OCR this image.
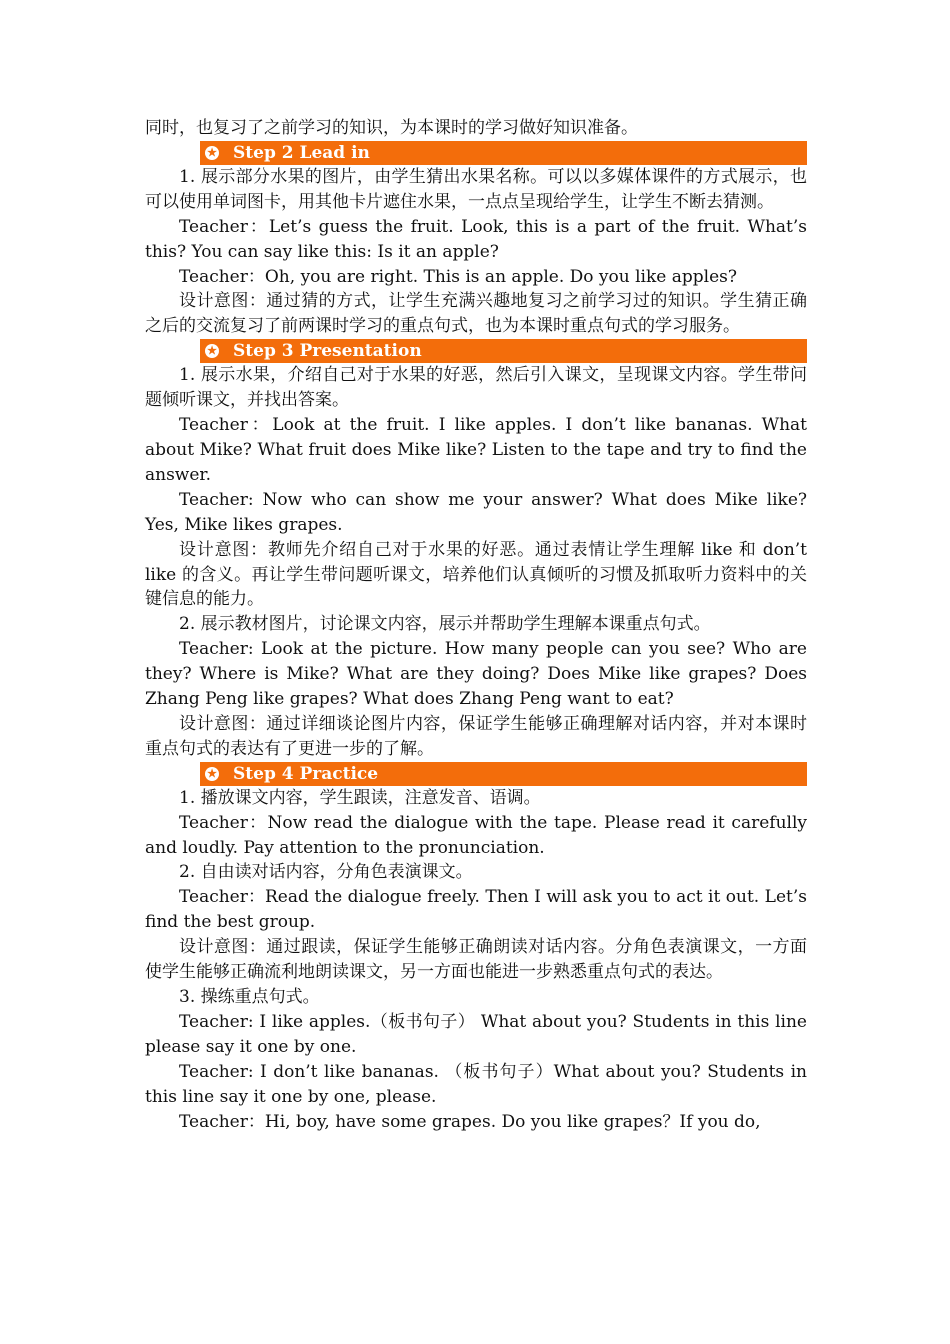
同时，也复习了之前学习的知识，为本课时的学习做好知识准备。

★ Step 2 Lead in

1. 展示部分水果的图片，由学生猜出水果名称。可以以多媒体课件的方式展示，也可以使用单词图卡，用其他卡片遮住水果，一点点呈现给学生，让学生不断去猜测。

Teacher：Let’s guess the fruit. Look, this is a part of the fruit. What’s this? You can say like this: Is it an apple?

Teacher：Oh, you are right. This is an apple. Do you like apples?

设计意图：通过猜的方式，让学生充满兴趣地复习之前学习过的知识。学生猜正确之后的交流复习了前两课时学习的重点句式，也为本课时重点句式的学习服务。

★ Step 3 Presentation

1. 展示水果，介绍自己对于水果的好恶，然后引入课文，呈现课文内容。学生带问题倾听课文，并找出答案。

Teacher：Look at the fruit. I like apples. I don’t like bananas. What about Mike? What fruit does Mike like? Listen to the tape and try to find the answer.

Teacher: Now who can show me your answer? What does Mike like? Yes, Mike likes grapes.

设计意图：教师先介绍自己对于水果的好恶。通过表情让学生理解 like 和 don’t like 的含义。再让学生带问题听课文，培养他们认真倾听的习惯及抓取听力资料中的关键信息的能力。

2. 展示教材图片，讨论课文内容，展示并帮助学生理解本课重点句式。

Teacher: Look at the picture. How many people can you see? Who are they? Where is Mike? What are they doing? Does Mike like grapes? Does Zhang Peng like grapes? What does Zhang Peng want to eat?

设计意图：通过详细谈论图片内容，保证学生能够正确理解对话内容，并对本课时重点句式的表达有了更进一步的了解。

★ Step 4 Practice

1. 播放课文内容，学生跟读，注意发音、语调。

Teacher：Now read the dialogue with the tape. Please read it carefully and loudly. Pay attention to the pronunciation.

2. 自由读对话内容，分角色表演课文。

Teacher：Read the dialogue freely. Then I will ask you to act it out. Let’s find the best group.

设计意图：通过跟读，保证学生能够正确朗读对话内容。分角色表演课文，一方面使学生能够正确流利地朗读课文，另一方面也能进一步熟悉重点句式的表达。

3. 操练重点句式。

Teacher: I like apples.（板书句子） What about you? Students in this line please say it one by one.

Teacher: I don’t like bananas. （板书句子）What about you? Students in this line say it one by one, please.

Teacher：Hi, boy, have some grapes. Do you like grapes？If you do,
